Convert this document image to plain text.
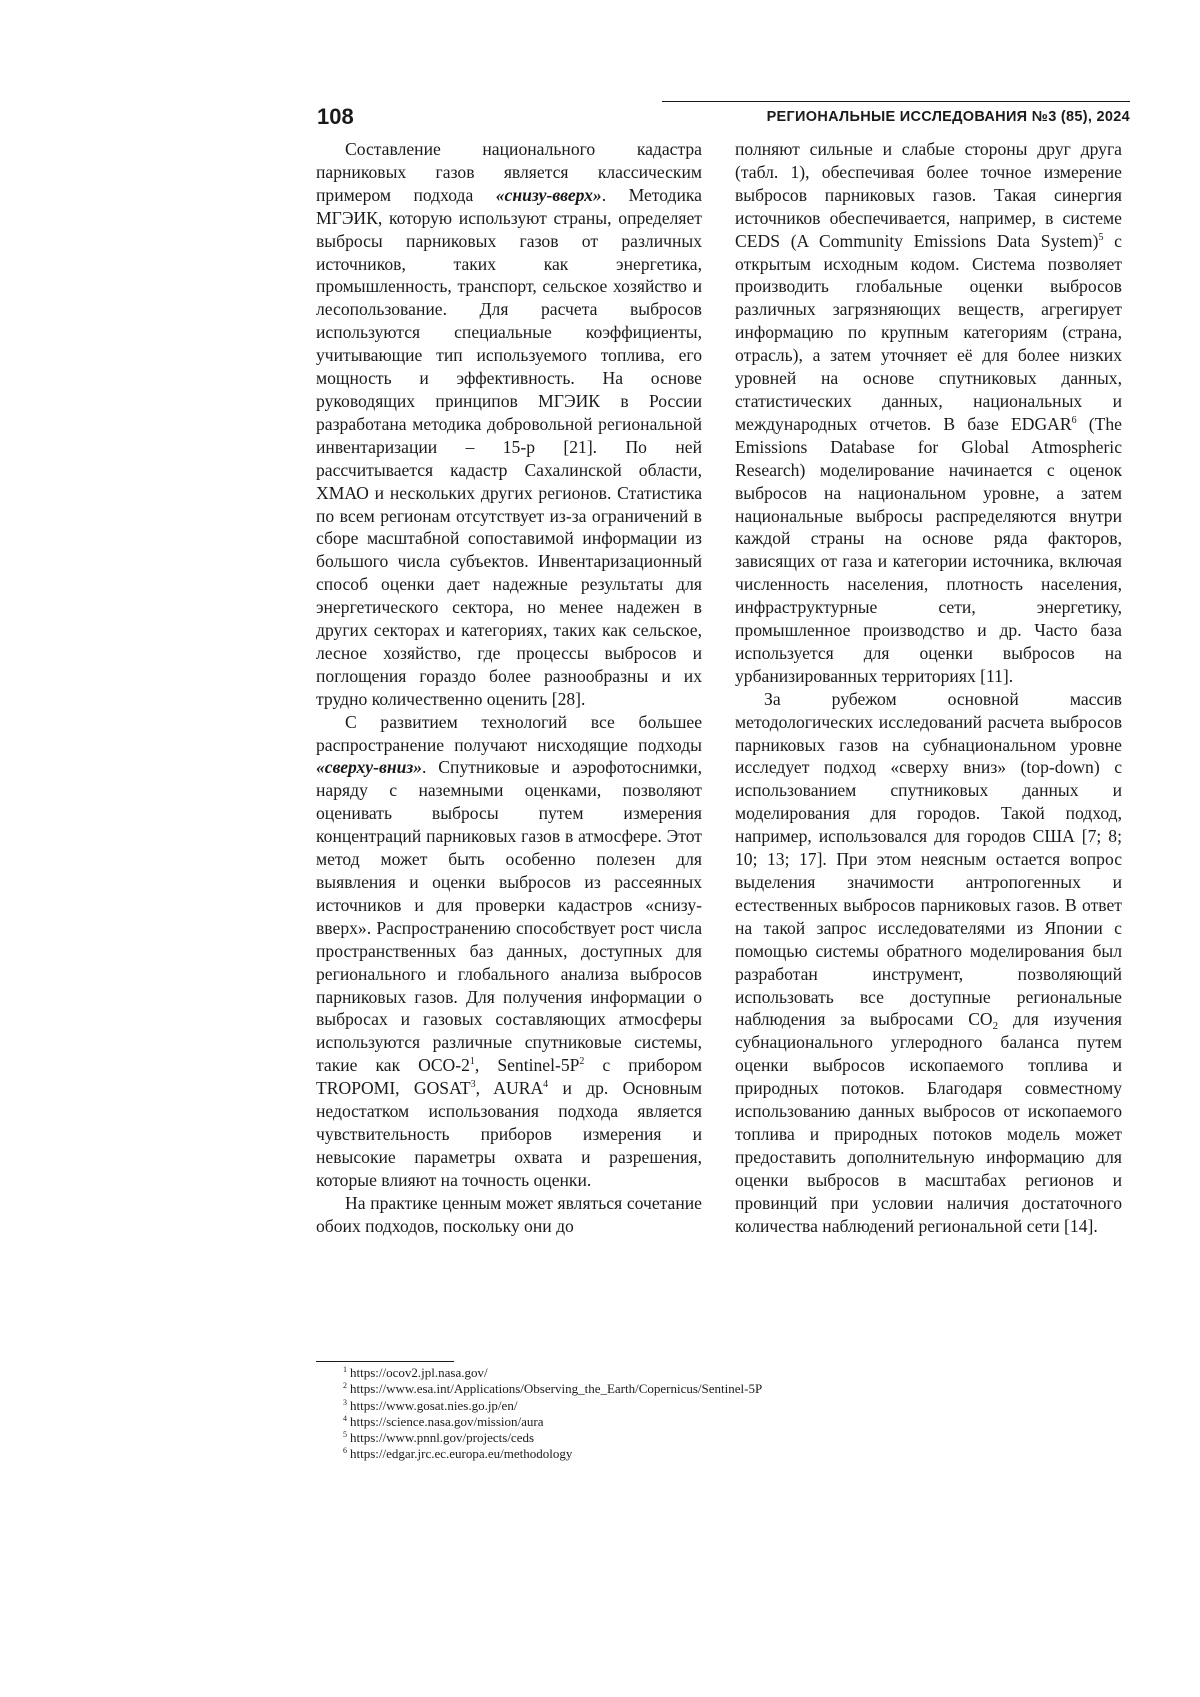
108	РЕГИОНАЛЬНЫЕ ИССЛЕДОВАНИЯ №3 (85), 2024

Составление национального кадастра парниковых газов является классическим примером подхода «снизу-вверх». Методика МГЭИК, которую используют страны, определяет выбросы парниковых газов от различных источников, таких как энергетика, промышленность, транспорт, сельское хозяйство и лесопользование. Для расчета выбросов используются специальные коэффициенты, учитывающие тип используемого топлива, его мощность и эффективность. На основе руководящих принципов МГЭИК в России разработана методика добровольной региональной инвентаризации – 15-р [21]. По ней рассчитывается кадастр Сахалинской области, ХМАО и нескольких других регионов. Статистика по всем регионам отсутствует из-за ограничений в сборе масштабной сопоставимой информации из большого числа субъектов. Инвентаризационный способ оценки дает надежные результаты для энергетического сектора, но менее надежен в других секторах и категориях, таких как сельское, лесное хозяйство, где процессы выбросов и поглощения гораздо более разнообразны и их трудно количественно оценить [28].

С развитием технологий все большее распространение получают нисходящие подходы «сверху-вниз». Спутниковые и аэрофотоснимки, наряду с наземными оценками, позволяют оценивать выбросы путем измерения концентраций парниковых газов в атмосфере. Этот метод может быть особенно полезен для выявления и оценки выбросов из рассеянных источников и для проверки кадастров «снизу-вверх». Распространению способствует рост числа пространственных баз данных, доступных для регионального и глобального анализа выбросов парниковых газов. Для получения информации о выбросах и газовых составляющих атмосферы используются различные спутниковые системы, такие как OCO-$2^1$, Sentinel-$5P^2$ с прибором TROPOMI, GOSAT$^3$, AURA$^4$ и др. Основным недостатком использования подхода является чувствительность приборов измерения и невысокие параметры охвата и разрешения, которые влияют на точность оценки.

На практике ценным может являться сочетание обоих подходов, поскольку они до

полняют сильные и слабые стороны друг друга (табл. 1), обеспечивая более точное измерение выбросов парниковых газов. Такая синергия источников обеспечивается, например, в системе CEDS (A Community Emissions Data System)$^5$ с открытым исходным кодом. Система позволяет производить глобальные оценки выбросов различных загрязняющих веществ, агрегирует информацию по крупным категориям (страна, отрасль), а затем уточняет её для более низких уровней на основе спутниковых данных, статистических данных, национальных и международных отчетов. В базе EDGAR$^6$ (The Emissions Database for Global Atmospheric Research) моделирование начинается с оценок выбросов на национальном уровне, а затем национальные выбросы распределяются внутри каждой страны на основе ряда факторов, зависящих от газа и категории источника, включая численность населения, плотность населения, инфраструктурные сети, энергетику, промышленное производство и др. Часто база используется для оценки выбросов на урбанизированных территориях [11].

За рубежом основной массив методологических исследований расчета выбросов парниковых газов на субнациональном уровне исследует подход «сверху вниз» (top-down) с использованием спутниковых данных и моделирования для городов. Такой подход, например, использовался для городов США [7; 8; 10; 13; 17]. При этом неясным остается вопрос выделения значимости антропогенных и естественных выбросов парниковых газов. В ответ на такой запрос исследователями из Японии с помощью системы обратного моделирования был разработан инструмент, позволяющий использовать все доступные региональные наблюдения за выбросами $CO_2$ для изучения субнационального углеродного баланса путем оценки выбросов ископаемого топлива и природных потоков. Благодаря совместному использованию данных выбросов от ископаемого топлива и природных потоков модель может предоставить дополнительную информацию для оценки выбросов в масштабах регионов и провинций при условии наличия достаточного количества наблюдений региональной сети [14].

$^1$ https://ocov2.jpl.nasa.gov/
$^2$ https://www.esa.int/Applications/Observing_the_Earth/Copernicus/Sentinel-5P
$^3$ https://www.gosat.nies.go.jp/en/
$^4$ https://science.nasa.gov/mission/aura
$^5$ https://www.pnnl.gov/projects/ceds
$^6$ https://edgar.jrc.ec.europa.eu/methodology
